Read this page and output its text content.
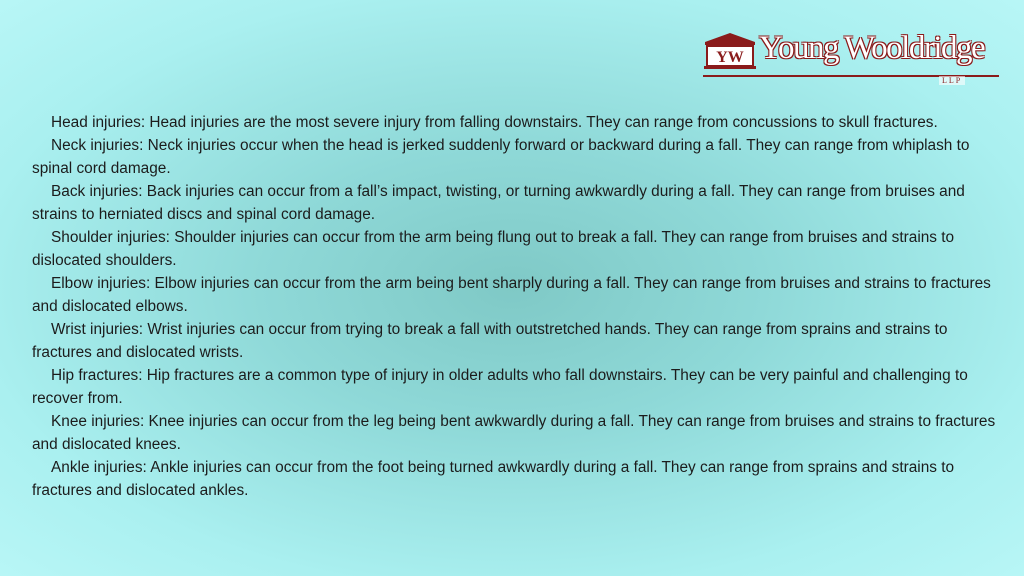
YW Young Wooldridge
LLP

Head injuries: Head injuries are the most severe injury from falling downstairs. They can range from concussions to skull fractures.

Neck injuries: Neck injuries occur when the head is jerked suddenly forward or backward during a fall. They can range from whiplash to spinal cord damage.

Back injuries: Back injuries can occur from a fall’s impact, twisting, or turning awkwardly during a fall. They can range from bruises and strains to herniated discs and spinal cord damage.

Shoulder injuries: Shoulder injuries can occur from the arm being flung out to break a fall. They can range from bruises and strains to dislocated shoulders.

Elbow injuries: Elbow injuries can occur from the arm being bent sharply during a fall. They can range from bruises and strains to fractures and dislocated elbows.

Wrist injuries: Wrist injuries can occur from trying to break a fall with outstretched hands. They can range from sprains and strains to fractures and dislocated wrists.

Hip fractures: Hip fractures are a common type of injury in older adults who fall downstairs. They can be very painful and challenging to recover from.

Knee injuries: Knee injuries can occur from the leg being bent awkwardly during a fall. They can range from bruises and strains to fractures and dislocated knees.

Ankle injuries: Ankle injuries can occur from the foot being turned awkwardly during a fall. They can range from sprains and strains to fractures and dislocated ankles.
